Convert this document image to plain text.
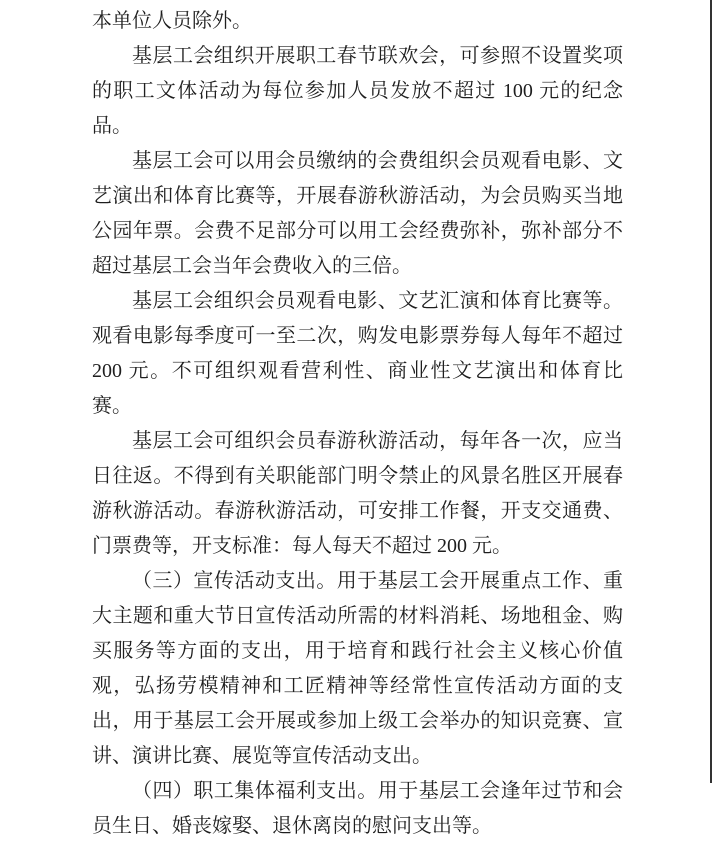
本单位人员除外。

基层工会组织开展职工春节联欢会，可参照不设置奖项的职工文体活动为每位参加人员发放不超过 100 元的纪念品。

基层工会可以用会员缴纳的会费组织会员观看电影、文艺演出和体育比赛等，开展春游秋游活动，为会员购买当地公园年票。会费不足部分可以用工会经费弥补，弥补部分不超过基层工会当年会费收入的三倍。

基层工会组织会员观看电影、文艺汇演和体育比赛等。观看电影每季度可一至二次，购发电影票券每人每年不超过 200 元。不可组织观看营利性、商业性文艺演出和体育比赛。

基层工会可组织会员春游秋游活动，每年各一次，应当日往返。不得到有关职能部门明令禁止的风景名胜区开展春游秋游活动。春游秋游活动，可安排工作餐，开支交通费、门票费等，开支标准：每人每天不超过 200 元。

（三）宣传活动支出。用于基层工会开展重点工作、重大主题和重大节日宣传活动所需的材料消耗、场地租金、购买服务等方面的支出，用于培育和践行社会主义核心价值观，弘扬劳模精神和工匠精神等经常性宣传活动方面的支出，用于基层工会开展或参加上级工会举办的知识竞赛、宣讲、演讲比赛、展览等宣传活动支出。

（四）职工集体福利支出。用于基层工会逢年过节和会员生日、婚丧嫁娶、退休离岗的慰问支出等。
